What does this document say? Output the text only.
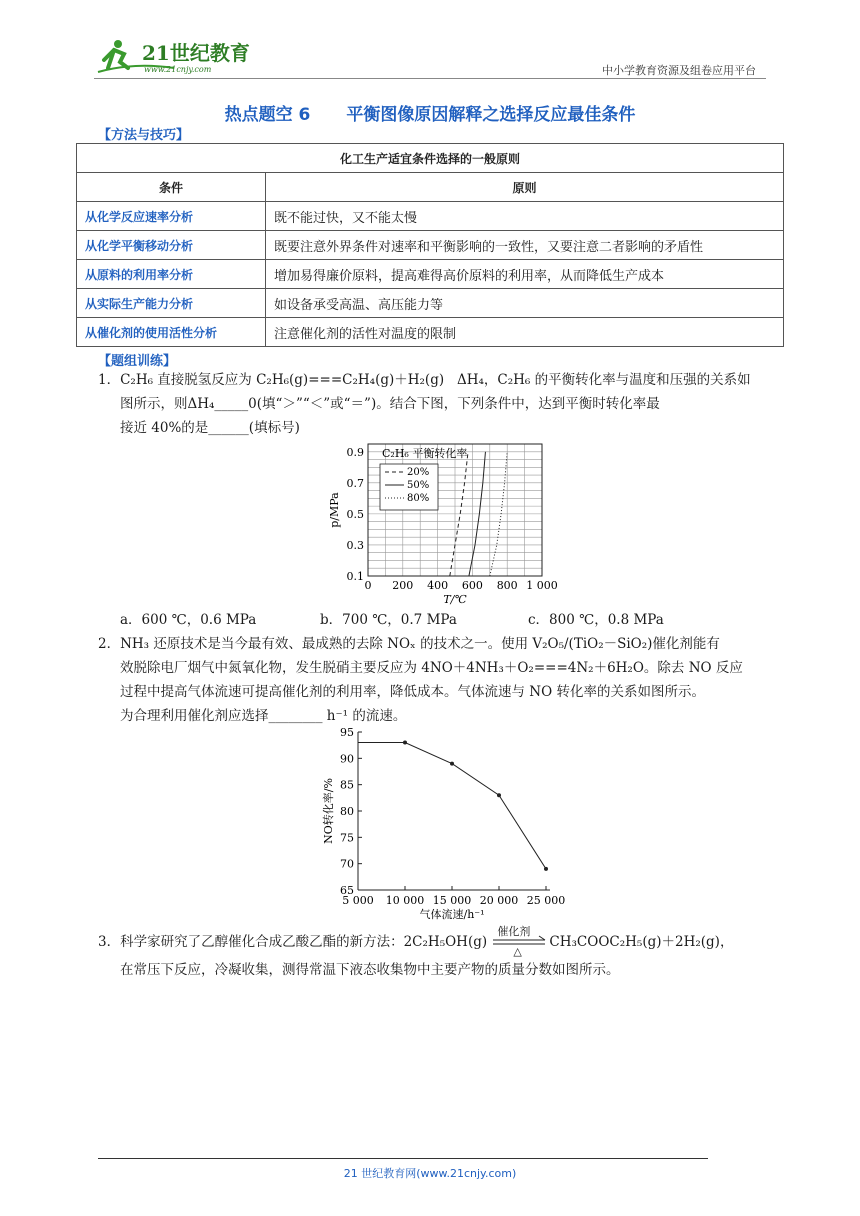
21世纪教育
www.21cnjy.com	中小学教育资源及组卷应用平台
热点题空 6 平衡图像原因解释之选择反应最佳条件
【方法与技巧】
化工生产适宜条件选择的一般原则	
条件	原则
从化学反应速率分析	既不能过快，又不能太慢
从化学平衡移动分析	既要注意外界条件对速率和平衡影响的一致性，又要注意二者影响的矛盾性
从原料的利用率分析	增加易得廉价原料，提高难得高价原料的利用率，从而降低生产成本
从实际生产能力分析	如设备承受高温、高压能力等
从催化剂的使用活性分析	注意催化剂的活性对温度的限制
【题组训练】
1．C₂H₆ 直接脱氢反应为 C₂H₆(g)===C₂H₄(g)＋H₂(g) ΔH₄，C₂H₆ 的平衡转化率与温度和压强的关系如
图所示，则ΔH₄_____0(填“＞”“＜”或“＝”)。结合下图，下列条件中，达到平衡时转化率最
接近 40%的是______(填标号)
0 200 400 600 800 1 000
0.1
0.3
0.5
0.7
0.9
T/℃
p/MPa
C₂H₆ 平衡转化率
20%
50%
80%
a．600 ℃，0.6 MPa	b．700 ℃，0.7 MPa	c．800 ℃，0.8 MPa
2．NH₃ 还原技术是当今最有效、最成熟的去除 NOₓ 的技术之一。使用 V₂O₅/(TiO₂－SiO₂)催化剂能有
效脱除电厂烟气中氮氧化物，发生脱硝主要反应为 4NO＋4NH₃＋O₂===4N₂＋6H₂O。除去 NO 反应
过程中提高气体流速可提高催化剂的利用率，降低成本。气体流速与 NO 转化率的关系如图所示。
为合理利用催化剂应选择________ h⁻¹ 的流速。
5 000 10 000 15 000 20 000 25 000
65
70
75
80
85
90
95
气体流速/h⁻¹
NO转化率/%
3．科学家研究了乙醇催化合成乙酸乙酯的新方法：2C₂H₅OH(g)
催化剂
△
CH₃COOC₂H₅(g)＋2H₂(g)，
在常压下反应，冷凝收集，测得常温下液态收集物中主要产物的质量分数如图所示。
21 世纪教育网(www.21cnjy.com)
